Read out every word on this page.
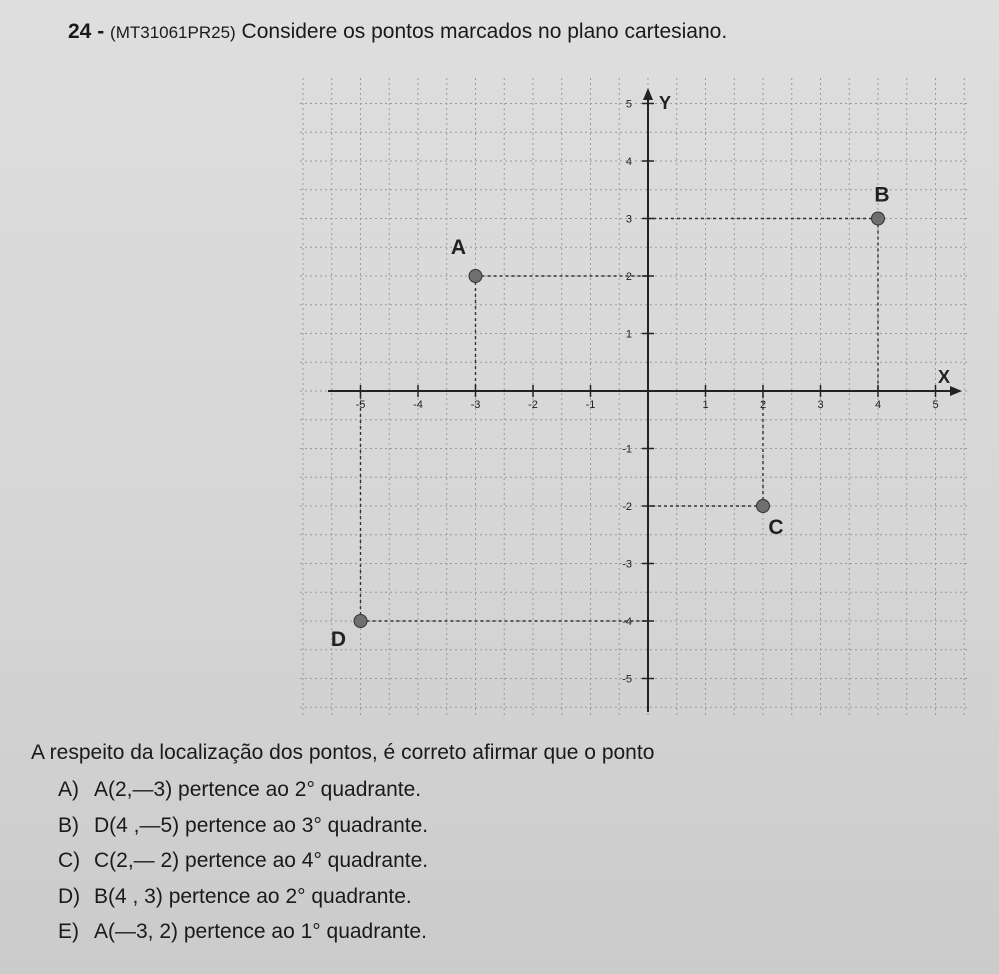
24 - (MT31061PR25) Considere os pontos marcados no plano cartesiano.
X
Y
-5	-4	-3	-2	-1	1	2	3	4	5
5
4
3
2
1
-1
-2
-3
-4
-5
A
B
C
D
A respeito da localização dos pontos, é correto afirmar que o ponto
A) A(2,—3) pertence ao 2° quadrante.
B) D(4 ,—5) pertence ao 3° quadrante.
C) C(2,— 2) pertence ao 4° quadrante.
D) B(4 , 3) pertence ao 2° quadrante.
E) A(—3, 2) pertence ao 1° quadrante.
